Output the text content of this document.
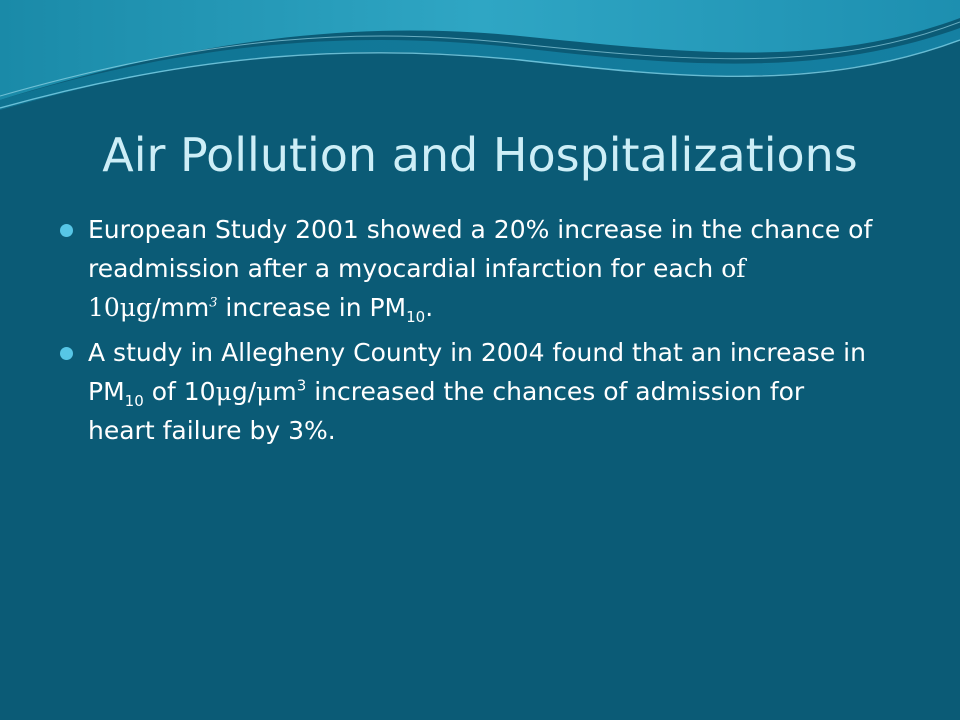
Air Pollution and Hospitalizations
European Study 2001 showed a 20% increase in the chance of readmission after a myocardial infarction for each of $10\mu g/mm^3$ increase in $PM_{10}$.
A study in Allegheny County in 2004 found that an increase in $PM_{10}$ of $10\mu g/\mu m^3$ increased the chances of admission for heart failure by 3%.
